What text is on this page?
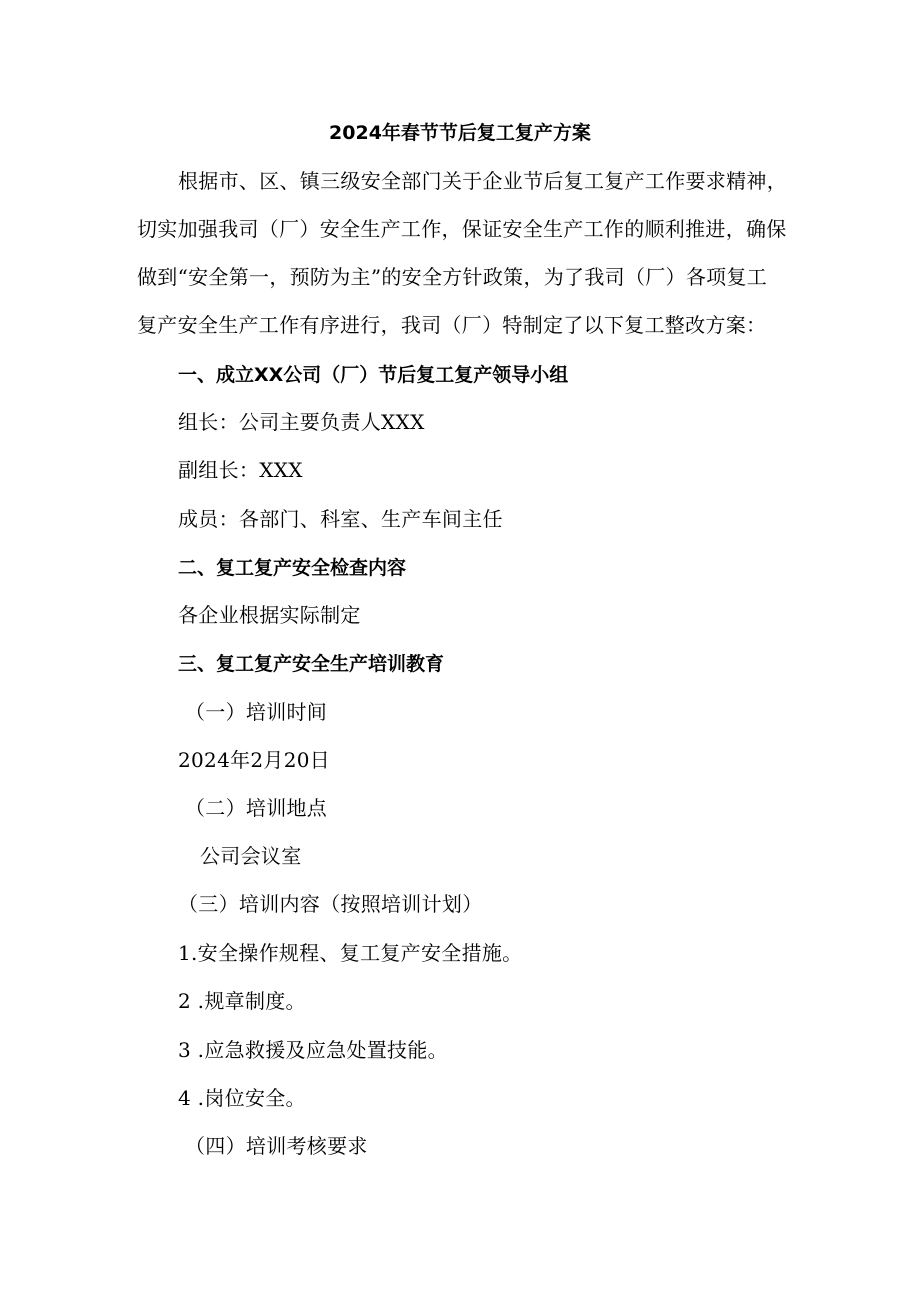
2024年春节节后复工复产方案
根据市、区、镇三级安全部门关于企业节后复工复产工作要求精神，
切实加强我司（厂）安全生产工作，保证安全生产工作的顺利推进，确保
做到“安全第一，预防为主”的安全方针政策，为了我司（厂）各项复工
复产安全生产工作有序进行，我司（厂）特制定了以下复工整改方案：
一、成立XX公司（厂）节后复工复产领导小组
组长：公司主要负责人XXX
副组长：XXX
成员：各部门、科室、生产车间主任
二、复工复产安全检查内容
各企业根据实际制定
三、复工复产安全生产培训教育
（一）培训时间
2024年2月20日
（二）培训地点
公司会议室
（三）培训内容（按照培训计划）
1.安全操作规程、复工复产安全措施。
2 .规章制度。
3 .应急救援及应急处置技能。
4 .岗位安全。
（四）培训考核要求
